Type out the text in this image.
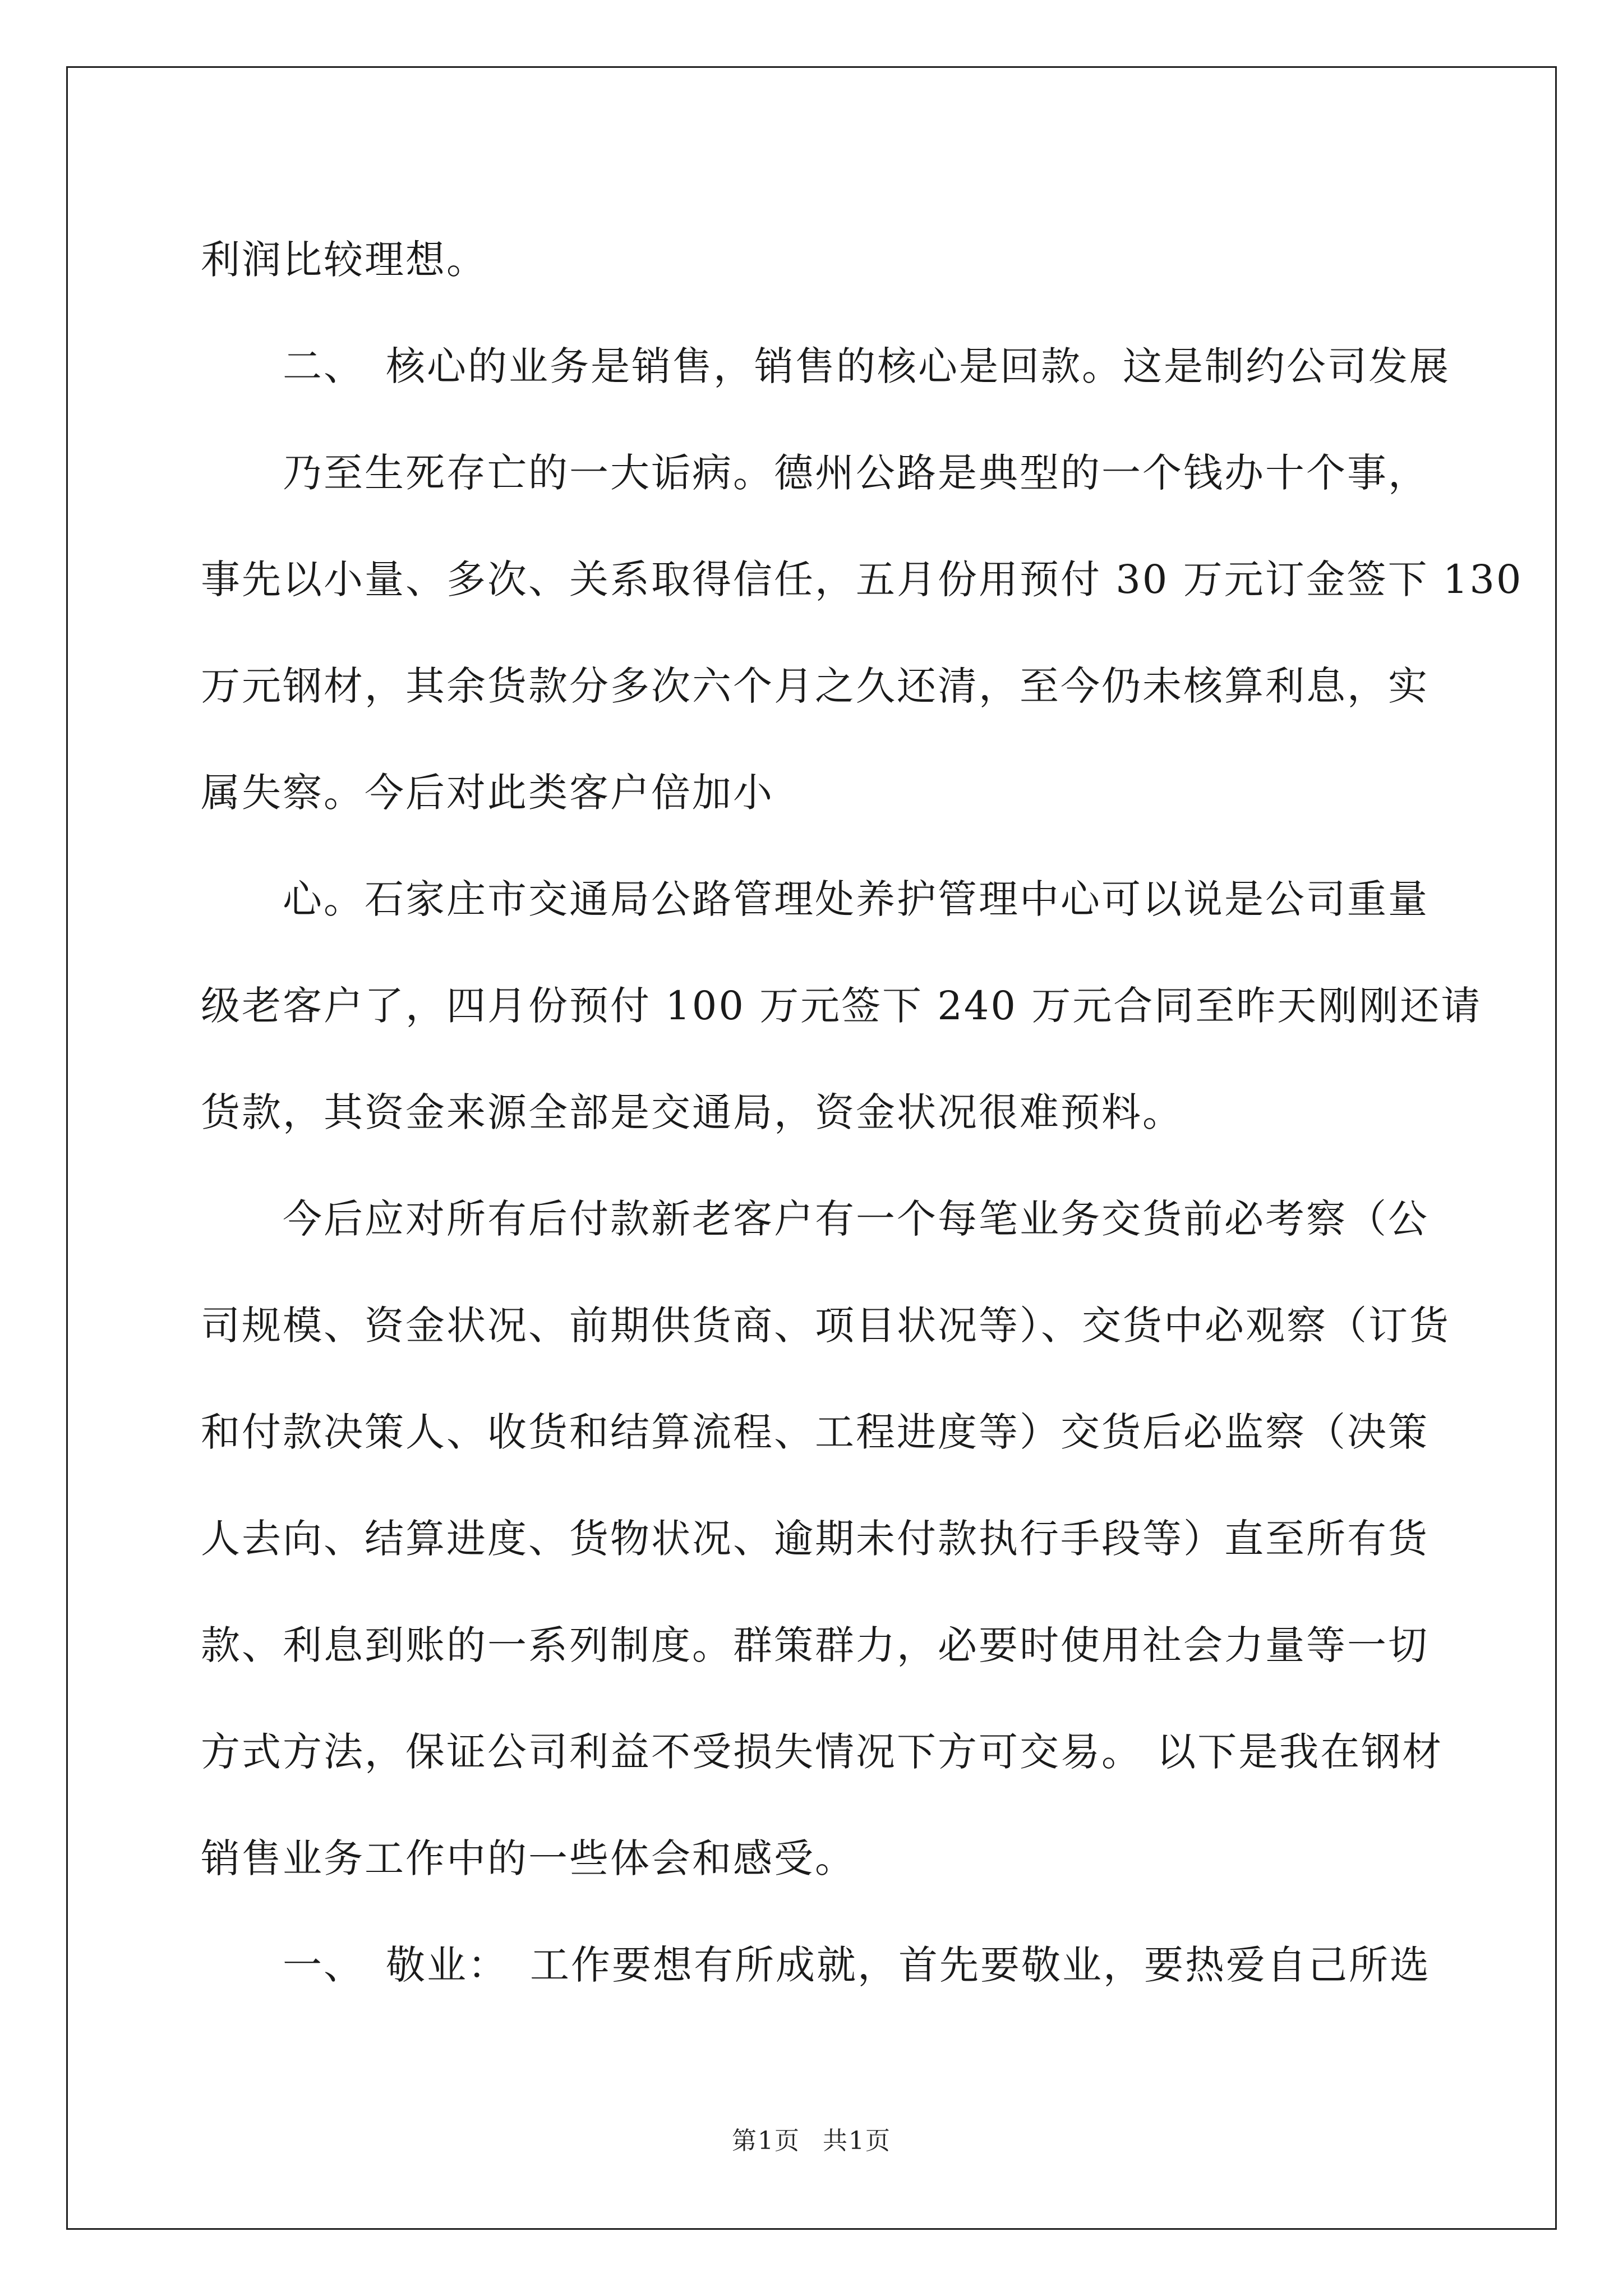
利润比较理想。
　　二、　核心的业务是销售，销售的核心是回款。这是制约公司发展
　　乃至生死存亡的一大诟病。德州公路是典型的一个钱办十个事，
事先以小量、多次、关系取得信任，五月份用预付 30 万元订金签下 130
万元钢材，其余货款分多次六个月之久还清，至今仍未核算利息，实
属失察。今后对此类客户倍加小
　　心。石家庄市交通局公路管理处养护管理中心可以说是公司重量
级老客户了，四月份预付 100 万元签下 240 万元合同至昨天刚刚还请
货款，其资金来源全部是交通局，资金状况很难预料。
　　今后应对所有后付款新老客户有一个每笔业务交货前必考察（公
司规模、资金状况、前期供货商、项目状况等）、交货中必观察（订货
和付款决策人、收货和结算流程、工程进度等）交货后必监察（决策
人去向、结算进度、货物状况、逾期未付款执行手段等）直至所有货
款、利息到账的一系列制度。群策群力，必要时使用社会力量等一切
方式方法，保证公司利益不受损失情况下方可交易。 以下是我在钢材
销售业务工作中的一些体会和感受。
　　一、　敬业：　工作要想有所成就，首先要敬业，要热爱自己所选
第1页 共1页
